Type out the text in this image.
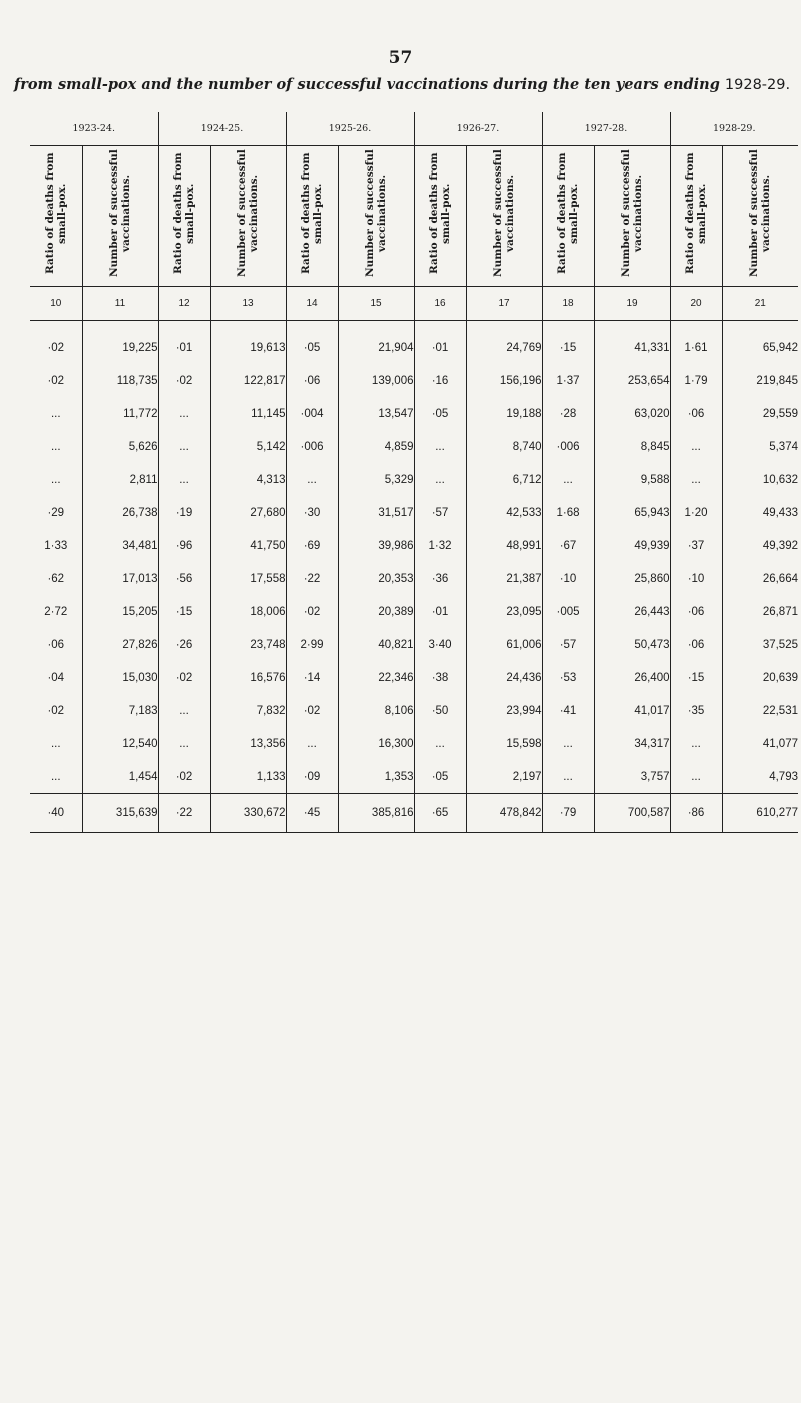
57
from small-pox and the number of successful vaccinations during the ten years ending 1928-29.
1923-24.		1924-25.		1925-26.		1926-27.		1927-28.		1928-29.	
Ratio of deaths from small-pox.	Number of successful vaccinations.	Ratio of deaths from small-pox.	Number of successful vaccinations.	Ratio of deaths from small-pox.	Number of successful vaccinations.	Ratio of deaths from small-pox.	Number of successful vaccinations.	Ratio of deaths from small-pox.	Number of successful vaccinations.	Ratio of deaths from small-pox.	Number of successful vaccinations.
10	11	12	13	14	15	16	17	18	19	20	21

·02	19,225	·01	19,613	·05	21,904	·01	24,769	·15	41,331	1·61	65,942
·02	118,735	·02	122,817	·06	139,006	·16	156,196	1·37	253,654	1·79	219,845
...	11,772	...	11,145	·004	13,547	·05	19,188	·28	63,020	·06	29,559
...	5,626	...	5,142	·006	4,859	...	8,740	·006	8,845	...	5,374
...	2,811	...	4,313	...	5,329	...	6,712	...	9,588	...	10,632
·29	26,738	·19	27,680	·30	31,517	·57	42,533	1·68	65,943	1·20	49,433
1·33	34,481	·96	41,750	·69	39,986	1·32	48,991	·67	49,939	·37	49,392
·62	17,013	·56	17,558	·22	20,353	·36	21,387	·10	25,860	·10	26,664
2·72	15,205	·15	18,006	·02	20,389	·01	23,095	·005	26,443	·06	26,871
·06	27,826	·26	23,748	2·99	40,821	3·40	61,006	·57	50,473	·06	37,525
·04	15,030	·02	16,576	·14	22,346	·38	24,436	·53	26,400	·15	20,639
·02	7,183	...	7,832	·02	8,106	·50	23,994	·41	41,017	·35	22,531
...	12,540	...	13,356	...	16,300	...	15,598	...	34,317	...	41,077
...	1,454	·02	1,133	·09	1,353	·05	2,197	...	3,757	...	4,793
·40	315,639	·22	330,672	·45	385,816	·65	478,842	·79	700,587	·86	610,277
